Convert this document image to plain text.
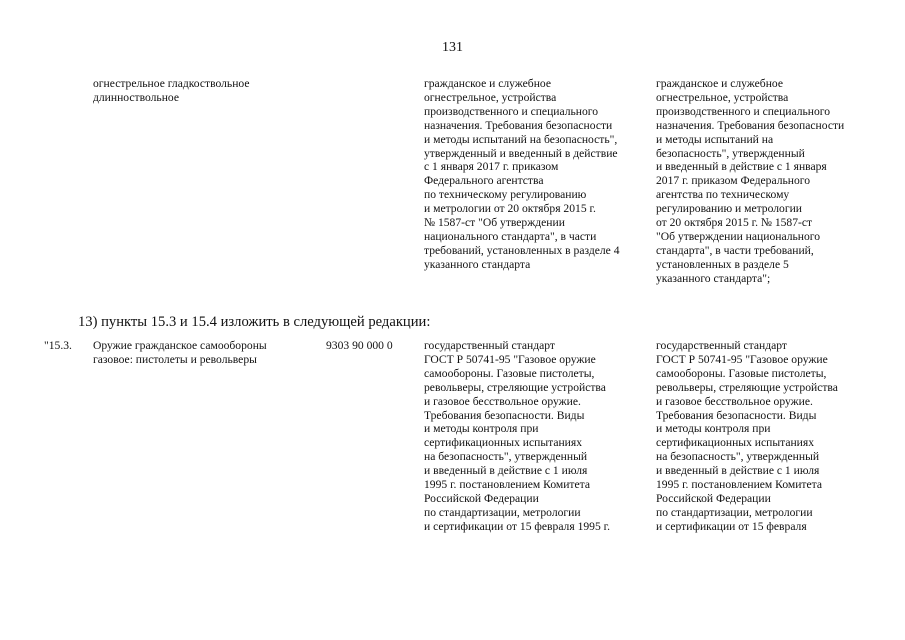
131
огнестрельное гладкоствольное
длинноствольное
гражданское и служебное
огнестрельное, устройства
производственного и специального
назначения. Требования безопасности
и методы испытаний на безопасность",
утвержденный и введенный в действие
с 1 января 2017 г. приказом
Федерального агентства
по техническому регулированию
и метрологии от 20 октября 2015 г.
№ 1587-ст "Об утверждении
национального стандарта", в части
требований, установленных в разделе 4
указанного стандарта
гражданское и служебное
огнестрельное, устройства
производственного и специального
назначения. Требования безопасности
и методы испытаний на
безопасность", утвержденный
и введенный в действие с 1 января
2017 г. приказом Федерального
агентства по техническому
регулированию и метрологии
от 20 октября 2015 г. № 1587-ст
"Об утверждении национального
стандарта", в части требований,
установленных в разделе 5
указанного стандарта";
13) пункты 15.3 и 15.4 изложить в следующей редакции:
"15.3. Оружие гражданское самообороны
газовое: пистолеты и револьверы
9303 90 000 0	государственный стандарт
ГОСТ Р 50741-95 "Газовое оружие
самообороны. Газовые пистолеты,
револьверы, стреляющие устройства
и газовое бесствольное оружие.
Требования безопасности. Виды
и методы контроля при
сертификационных испытаниях
на безопасность", утвержденный
и введенный в действие с 1 июля
1995 г. постановлением Комитета
Российской Федерации
по стандартизации, метрологии
и сертификации от 15 февраля 1995 г.
государственный стандарт
ГОСТ Р 50741-95 "Газовое оружие
самообороны. Газовые пистолеты,
револьверы, стреляющие устройства
и газовое бесствольное оружие.
Требования безопасности. Виды
и методы контроля при
сертификационных испытаниях
на безопасность", утвержденный
и введенный в действие с 1 июля
1995 г. постановлением Комитета
Российской Федерации
по стандартизации, метрологии
и сертификации от 15 февраля
